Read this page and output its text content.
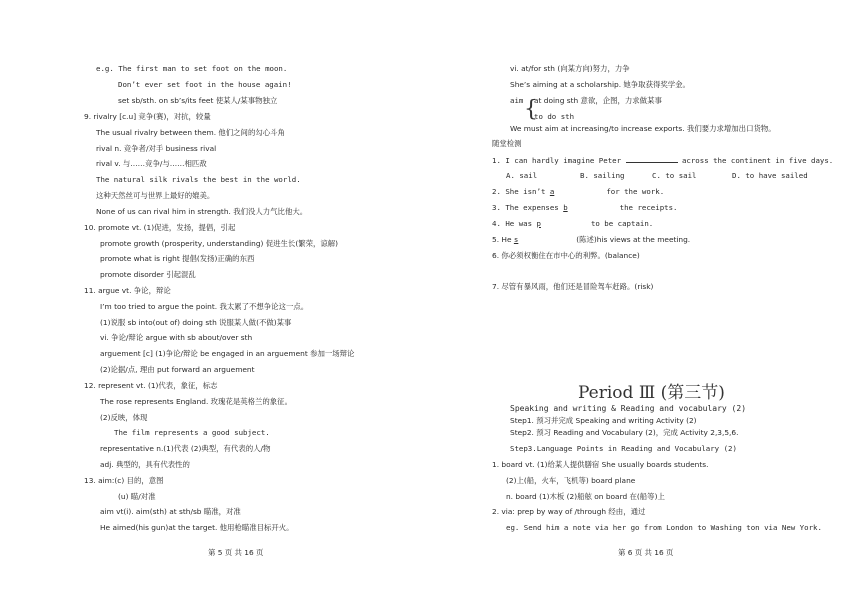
e.g. The first man to set foot on the moon.
Don’t ever set foot in the house again!
set sb/sth. on sb’s/its feet 使某人/某事物独立
9. rivalry [c.u] 竞争(赛)，对抗，较量
The usual rivalry between them. 他们之间的勾心斗角
rival n. 竞争者/对手 business rival
rival v. 与……竞争/与……相匹敌
The natural silk rivals the best in the world.
这种天然丝可与世界上最好的媲美。
None of us can rival him in strength. 我们没人力气比他大。
10. promote vt. (1)促进，发扬，提倡，引起
promote growth (prosperity, understanding) 促进生长(繁荣，谅解)
promote what is right 提倡(发扬)正确的东西
promote disorder 引起混乱
11. argue vt. 争论，辩论
I’m too tried to argue the point. 我太累了不想争论这一点。
(1)说服 sb into(out of) doing sth 说服某人做(不做)某事
vi. 争论/辩论 argue with sb about/over sth
arguement [c] (1)争论/辩论 be engaged in an arguement 参加一场辩论
(2)论据/点, 理由 put forward an arguement
12. represent vt. (1)代表，象征，标志
The rose represents England. 玫瑰花是英格兰的象征。
(2)反映，体现
The film represents a good subject.
representative n.(1)代表 (2)典型，有代表的人/物
adj. 典型的，具有代表性的
13. aim:(c) 目的，意图
(u) 瞄/对准
aim vt(i). aim(sth) at sth/sb 瞄准，对准
He aimed(his gun)at the target. 他用枪瞄准目标开火。
第 5 页 共 16 页
vi. at/for sth (向某方向)努力，力争
She’s aiming at a scholarship. 她争取获得奖学金。
aim {
at doing sth 意欲，企图，力求做某事
to do sth
We must aim at increasing/to increase exports. 我们要力求增加出口货物。
随堂检测
1. I can hardly imagine Peter	across the continent in five days.
A. sail	B. sailing	C. to sail	D. to have sailed
2. She isn’t a	for the work.
3. The expenses b	the receipts.
4. He was p	to be captain.
5. He s	(陈述)his views at the meeting.
6. 你必须权衡住在市中心的利弊。(balance)
7. 尽管有暴风雨，他们还是冒险驾车赶路。(risk)
Period Ⅲ (第三节)
Speaking and writing & Reading and vocabulary (2)
Step1. 预习并完成 Speaking and writing Activity (2)
Step2. 预习 Reading and Vocabulary (2)，完成 Activity 2,3,5,6.
Step3.Language Points in Reading and Vocabulary (2)
1. board vt. (1)给某人提供膳宿 She usually boards students.
(2)上(船，火车，飞机等) board plane
n. board (1)木板 (2)船舷 on board 在(船等)上
2. via: prep by way of /through 经由，通过
eg. Send him a note via her go from London to Washing ton via New York.
第 6 页 共 16 页
